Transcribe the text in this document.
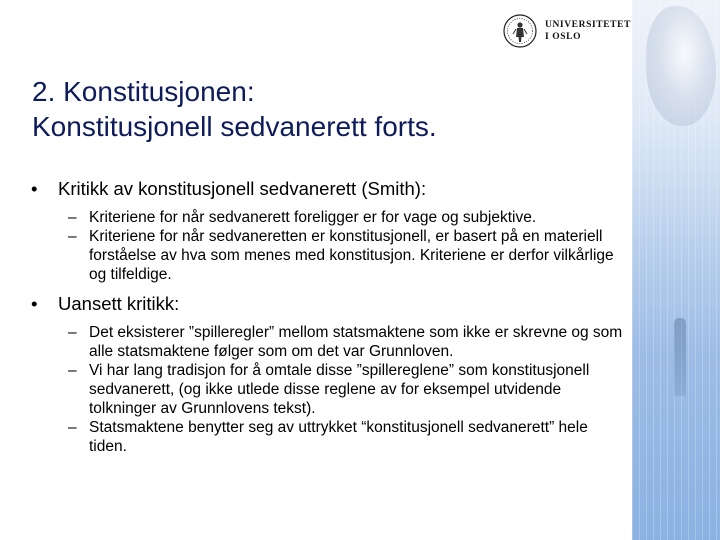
UNIVERSITETET
I OSLO
2. Konstitusjonen:
Konstitusjonell sedvanerett forts.
• Kritikk av konstitusjonell sedvanerett (Smith):
– Kriteriene for når sedvanerett foreligger er for vage og subjektive.
– Kriteriene for når sedvaneretten er konstitusjonell, er basert på en materiell forståelse av hva som menes med konstitusjon. Kriteriene er derfor vilkårlige og tilfeldige.
• Uansett kritikk:
– Det eksisterer ”spilleregler” mellom statsmaktene som ikke er skrevne og som alle statsmaktene følger som om det var Grunnloven.
– Vi har lang tradisjon for å omtale disse ”spillereglene” som konstitusjonell sedvanerett, (og ikke utlede disse reglene av for eksempel utvidende tolkninger av Grunnlovens tekst).
– Statsmaktene benytter seg av uttrykket “konstitusjonell sedvanerett” hele tiden.
